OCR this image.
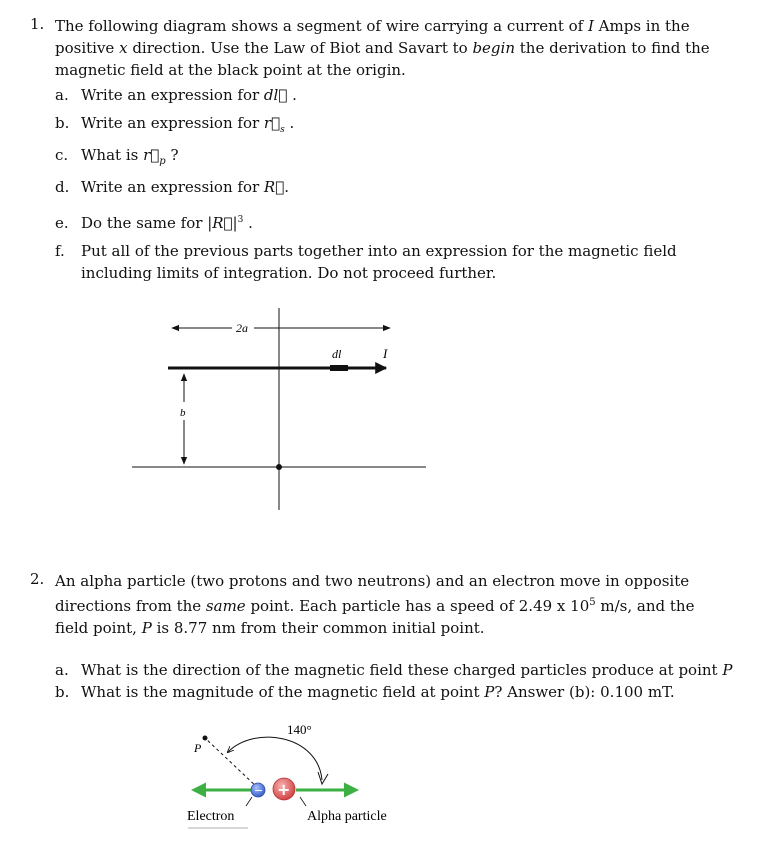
1. The following diagram shows a segment of wire carrying a current of I Amps in the positive x direction. Use the Law of Biot and Savart to begin the derivation to find the magnetic field at the black point at the origin.
a. Write an expression for dl⃗ .
b. Write an expression for $r⃗_s$ .
c. What is $r⃗_p$ ?
d. Write an expression for R⃗.
e. Do the same for $|R⃗|^3$ .
f.	Put all of the previous parts together into an expression for the magnetic field including limits of integration. Do not proceed further.
2a
dl	I
b
2. An alpha particle (two protons and two neutrons) and an electron move in opposite directions from the same point. Each particle has a speed of 2.49 x $10^5$ m/s, and the field point, P is 8.77 nm from their common initial point.
a. What is the direction of the magnetic field these charged particles produce at point P
b. What is the magnitude of the magnetic field at point P? Answer (b): 0.100 mT.
P
140°
− +
Electron	Alpha particle
